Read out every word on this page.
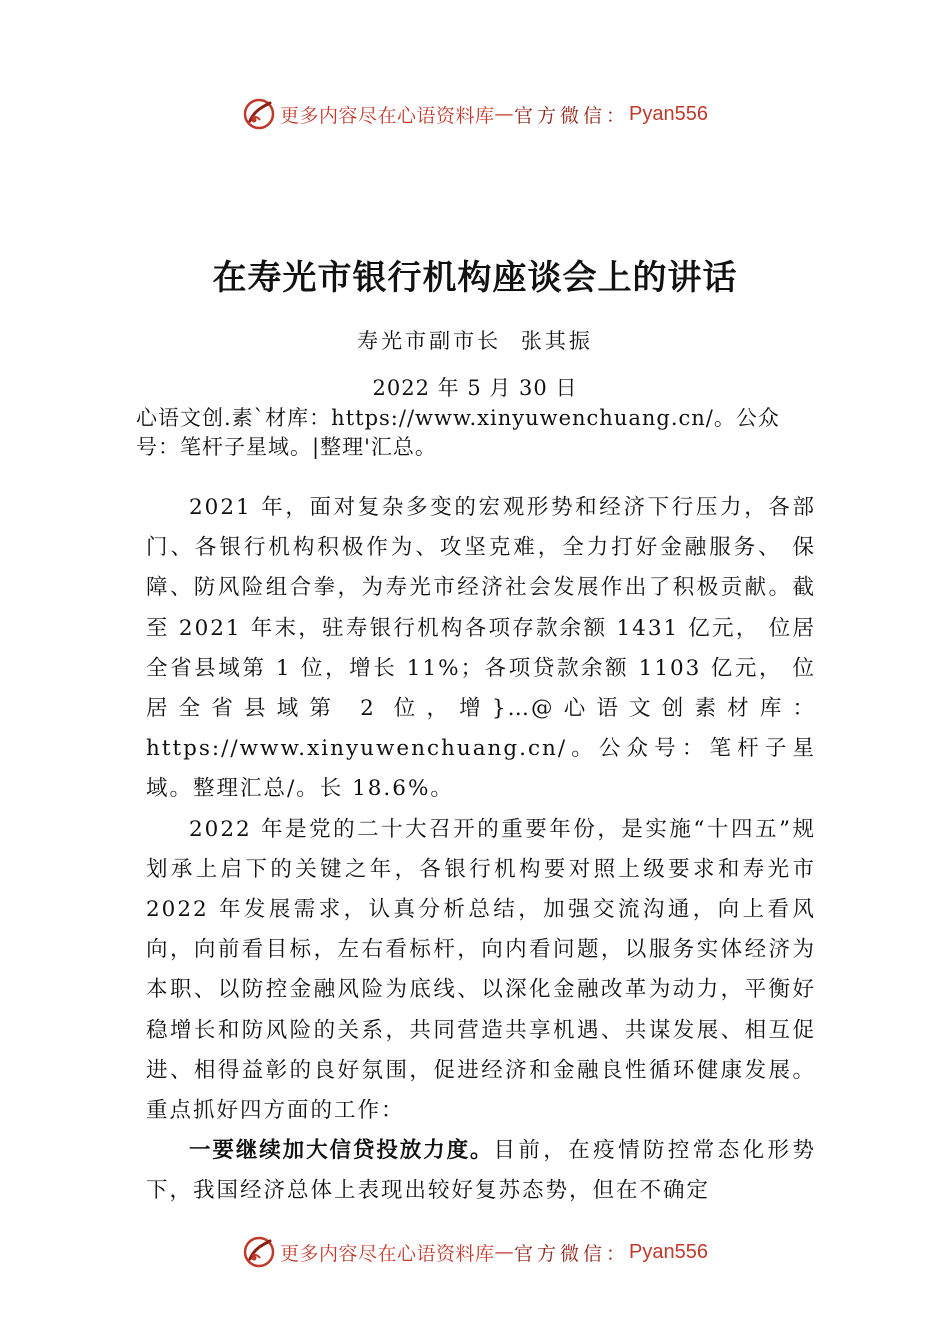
更多内容尽在心语资料库 — 官方微信： Pyan556
在寿光市银行机构座谈会上的讲话
寿光市副市长 张其振
2022 年 5 月 30 日
心语文创.素`材库：https://www.xinyuwenchuang.cn/。公众
号：笔杆子星域。|整理'汇总。

2021 年，面对复杂多变的宏观形势和经济下行压力，各部门、各银行机构积极作为、攻坚克难，全力打好金融服务、 保障、防风险组合拳，为寿光市经济社会发展作出了积极贡献。截至 2021 年末，驻寿银行机构各项存款余额 1431 亿元， 位居全省县域第 1 位，增长 11%；各项贷款余额 1103 亿元， 位居全省县域第 2 位，增}…@心语文创素材库：https://www.xinyuwenchuang.cn/。公众号：笔杆子星域。整理汇总/。长 18.6%。

2022 年是党的二十大召开的重要年份，是实施“十四五”规划承上启下的关键之年，各银行机构要对照上级要求和寿光市 2022 年发展需求，认真分析总结，加强交流沟通，向上看风向，向前看目标，左右看标杆，向内看问题，以服务实体经济为本职、以防控金融风险为底线、以深化金融改革为动力，平衡好稳增长和防风险的关系，共同营造共享机遇、共谋发展、相互促进、相得益彰的良好氛围，促进经济和金融良性循环健康发展。重点抓好四方面的工作：

一要继续加大信贷投放力度。目前，在疫情防控常态化形势下，我国经济总体上表现出较好复苏态势，但在不确定

更多内容尽在心语资料库 — 官方微信： Pyan556
